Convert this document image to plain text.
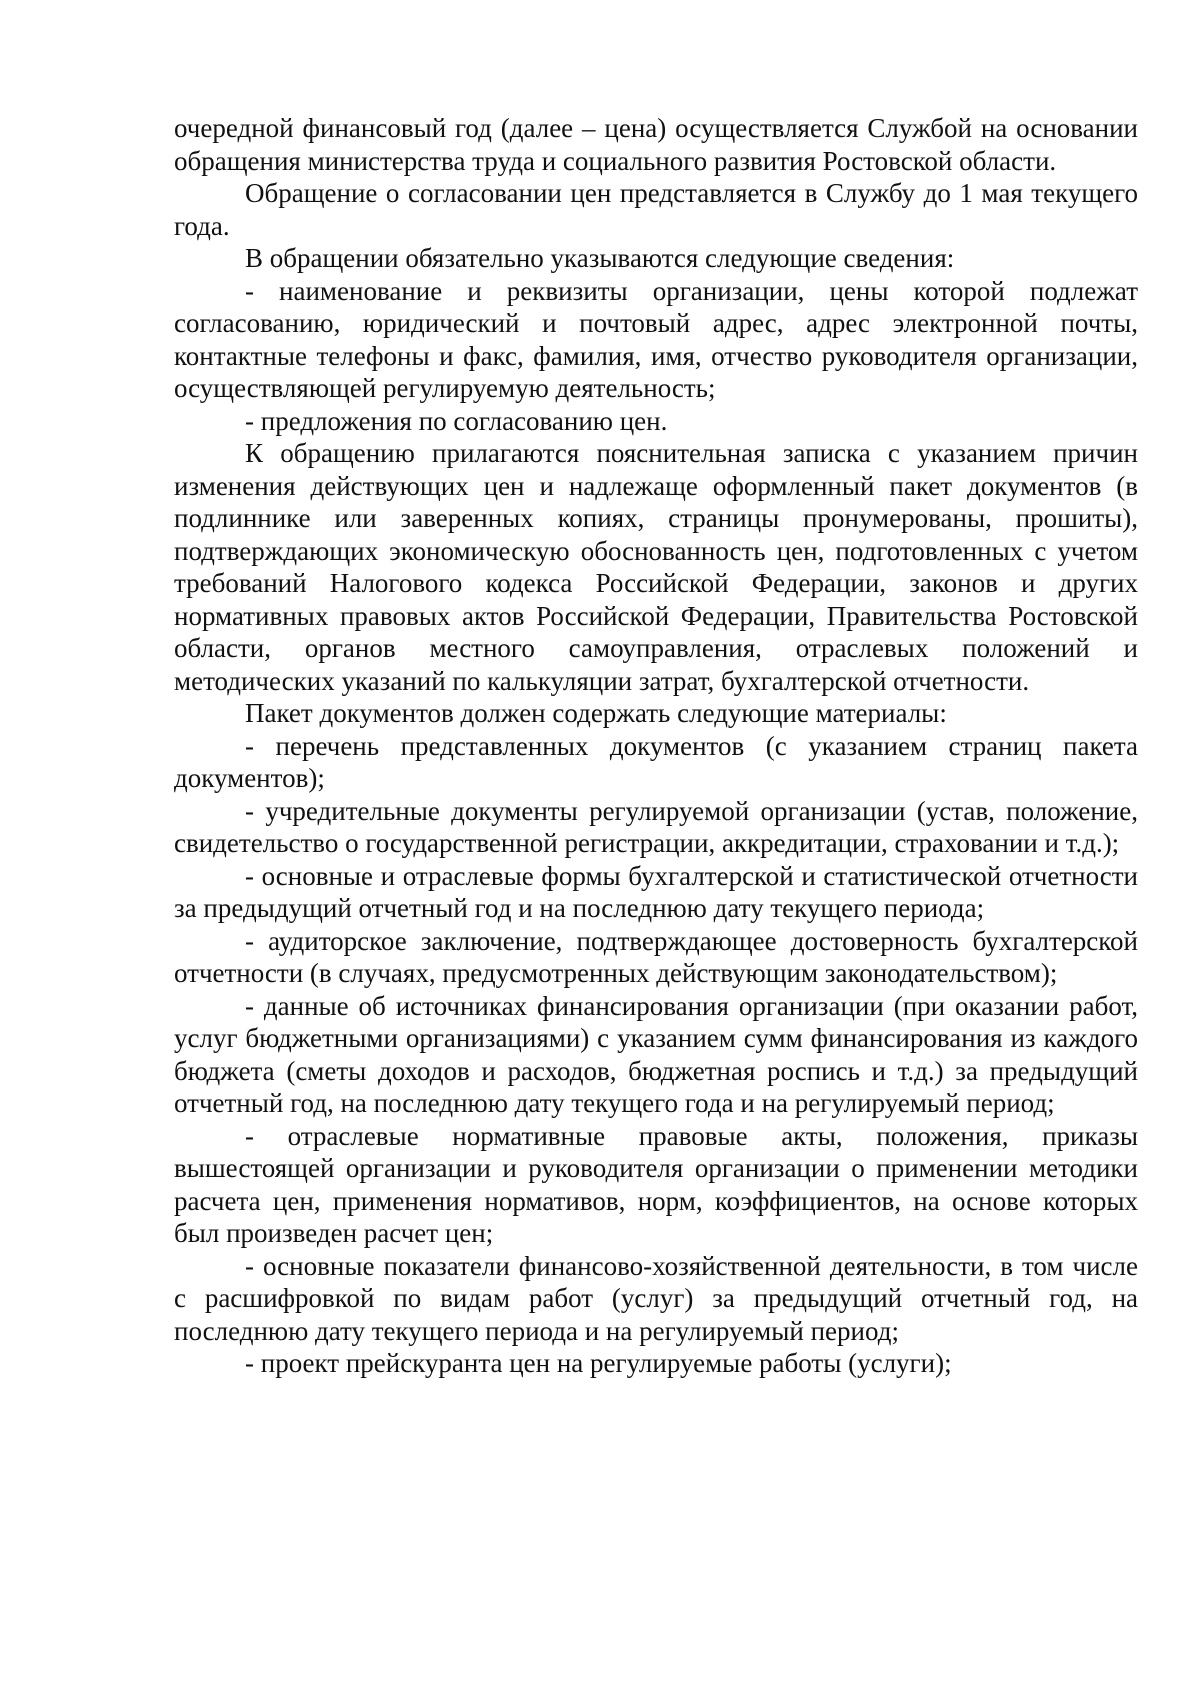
очередной финансовый год (далее – цена) осуществляется Службой на основании обращения министерства труда и социального развития Ростовской области.

Обращение о согласовании цен представляется в Службу до 1 мая текущего года.

В обращении обязательно указываются следующие сведения:

- наименование и реквизиты организации, цены которой подлежат согласованию, юридический и почтовый адрес, адрес электронной почты, контактные телефоны и факс, фамилия, имя, отчество руководителя организации, осуществляющей регулируемую деятельность;

- предложения по согласованию цен.

К обращению прилагаются пояснительная записка с указанием причин изменения действующих цен и надлежаще оформленный пакет документов (в подлиннике или заверенных копиях, страницы пронумерованы, прошиты), подтверждающих экономическую обоснованность цен, подготовленных с учетом требований Налогового кодекса Российской Федерации, законов и других нормативных правовых актов Российской Федерации, Правительства Ростовской области, органов местного самоуправления, отраслевых положений и методических указаний по калькуляции затрат, бухгалтерской отчетности.

Пакет документов должен содержать следующие материалы:

- перечень представленных документов (с указанием страниц пакета документов);

- учредительные документы регулируемой организации (устав, положение, свидетельство о государственной регистрации, аккредитации, страховании и т.д.);

- основные и отраслевые формы бухгалтерской и статистической отчетности за предыдущий отчетный год и на последнюю дату текущего периода;

- аудиторское заключение, подтверждающее достоверность бухгалтерской отчетности (в случаях, предусмотренных действующим законодательством);

- данные об источниках финансирования организации (при оказании работ, услуг бюджетными организациями) с указанием сумм финансирования из каждого бюджета (сметы доходов и расходов, бюджетная роспись и т.д.) за предыдущий отчетный год, на последнюю дату текущего года и на регулируемый период;

- отраслевые нормативные правовые акты, положения, приказы вышестоящей организации и руководителя организации о применении методики расчета цен, применения нормативов, норм, коэффициентов, на основе которых был произведен расчет цен;

- основные показатели финансово-хозяйственной деятельности, в том числе с расшифровкой по видам работ (услуг) за предыдущий отчетный год, на последнюю дату текущего периода и на регулируемый период;

- проект прейскуранта цен на регулируемые работы (услуги);
